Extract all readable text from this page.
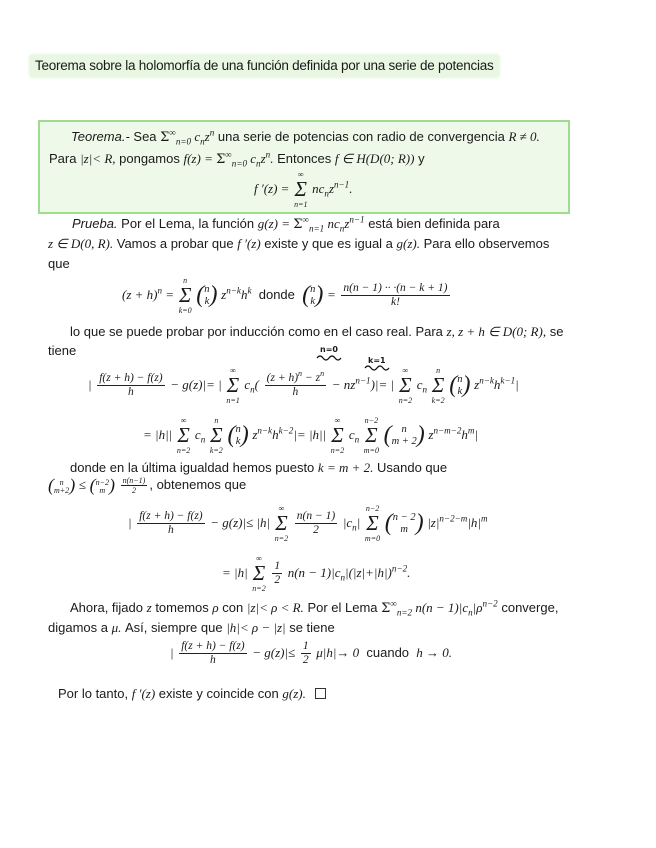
Teorema sobre la holomorfía de una función definida por una serie de potencias
Teorema.- Sea $\Sigma^\infty_{n=0}$ $c_nz^n$ una serie de potencias con radio de convergencia R ≠ 0.
Para |z|< R, pongamos $f(z) = \Sigma^\infty_{n=0}$ $c_nz^n$. Entonces f ∈ H(D(0; R)) y
f ′(z) =
∞
Σ
n=1
$nc_nz^{n-1}$.
Prueba. Por el Lema, la función $g(z) = \Sigma^\infty_{n=1}$ $nc_nz^{n-1}$ está bien definida para
z ∈ D(0, R). Vamos a probar que f ′(z) existe y que es igual a g(z). Para ello observemos
que
$(z + h)^n$ =
n
Σ
k=0
( n
k ) $z^{n-k}h^k$ donde ( n
k ) = $\frac{n(n - 1) \cdot\cdot \cdot(n - k + 1)}{k!}$
lo que se puede probar por inducción como en el caso real. Para z, z + h ∈ D(0; R), se
tiene	n=0
k=1
| $\frac{f(z + h) - f(z)}{h} - g(z)|=$ |
∞
Σ
n=1
$c_n( \frac{(z + h)^n - z^n}{h} - nz^{n-1})|=$ |
∞
Σ
n=2
$c_n$
n
Σ
k=2
( n
k ) $z^{n-k}h^{k-1}|$
= |h||
∞
Σ
n=2
$c_n$
n
Σ
k=2
( n
k ) $z^{n-k}h^{k-2}|= |h||$
∞
Σ
n=2
$c_n$
n−2
Σ
m=0
( n
m + 2 ) $z^{n-m-2}h^m|$
donde en la última igualdad hemos puesto k = m + 2. Usando que
( n
m+2 ) ≤ ( n−2
m ) $\frac{n(n-1)}{2}$ , obtenemos que
| $\frac{f(z + h) - f(z)}{h} - g(z)|\le |h|$
∞
Σ
n=2

$\frac{n(n - 1)}{2} |c_n|$
n−2
Σ
m=0
( n − 2
m ) $|z|^{n-2-m}|h|^m$
= |h|
∞
Σ
n=2

$\frac{1}{2} n(n - 1)|c_n|(|z|+|h|)^{n-2}$.
Ahora, fijado z tomemos ρ con |z|< ρ < R. Por el Lema $\Sigma^\infty_{n=2}$ $n(n - 1)|c_n|\rho^{n-2}$ converge,
digamos a μ. Así, siempre que |h|< ρ − |z| se tiene
| $\frac{f(z + h) - f(z)}{h} - g(z)|\le \frac{1}{2} \mu|h|\to 0$ cuando h → 0.
Por lo tanto, f ′(z) existe y coincide con g(z).
